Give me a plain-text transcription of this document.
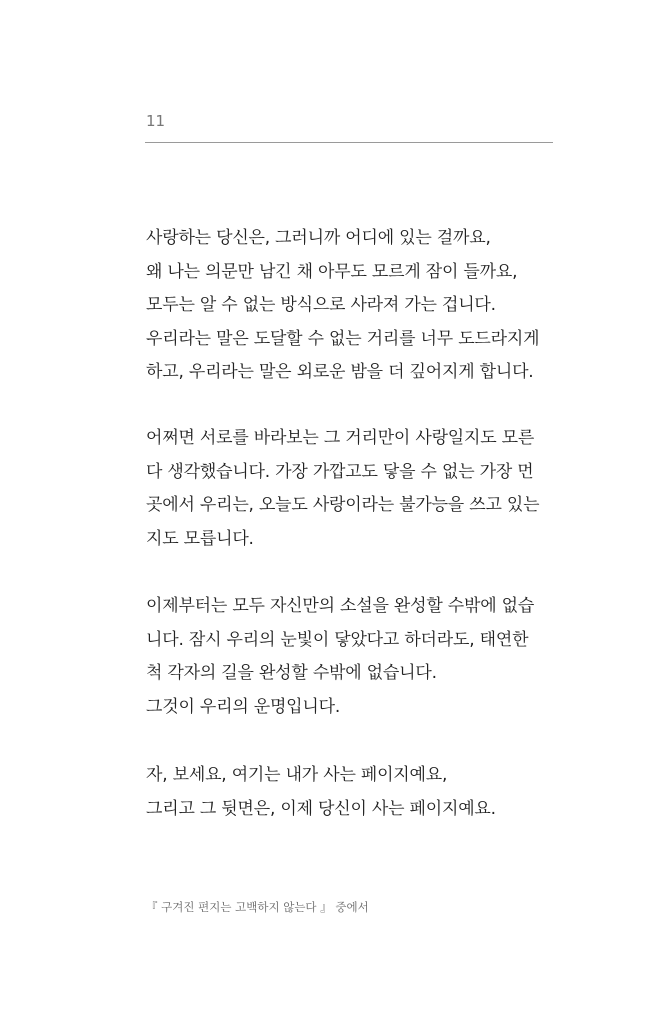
11
사랑하는 당신은, 그러니까 어디에 있는 걸까요,
왜 나는 의문만 남긴 채 아무도 모르게 잠이 들까요,
모두는 알 수 없는 방식으로 사라져 가는 겁니다.
우리라는 말은 도달할 수 없는 거리를 너무 도드라지게
하고, 우리라는 말은 외로운 밤을 더 깊어지게 합니다.
어쩌면 서로를 바라보는 그 거리만이 사랑일지도 모른
다 생각했습니다. 가장 가깝고도 닿을 수 없는 가장 먼
곳에서 우리는, 오늘도 사랑이라는 불가능을 쓰고 있는
지도 모릅니다.
이제부터는 모두 자신만의 소설을 완성할 수밖에 없습
니다. 잠시 우리의 눈빛이 닿았다고 하더라도, 태연한
척 각자의 길을 완성할 수밖에 없습니다.
그것이 우리의 운명입니다.
자, 보세요, 여기는 내가 사는 페이지예요,
그리고 그 뒷면은, 이제 당신이 사는 페이지예요.
『 구겨진 편지는 고백하지 않는다 』 중에서
